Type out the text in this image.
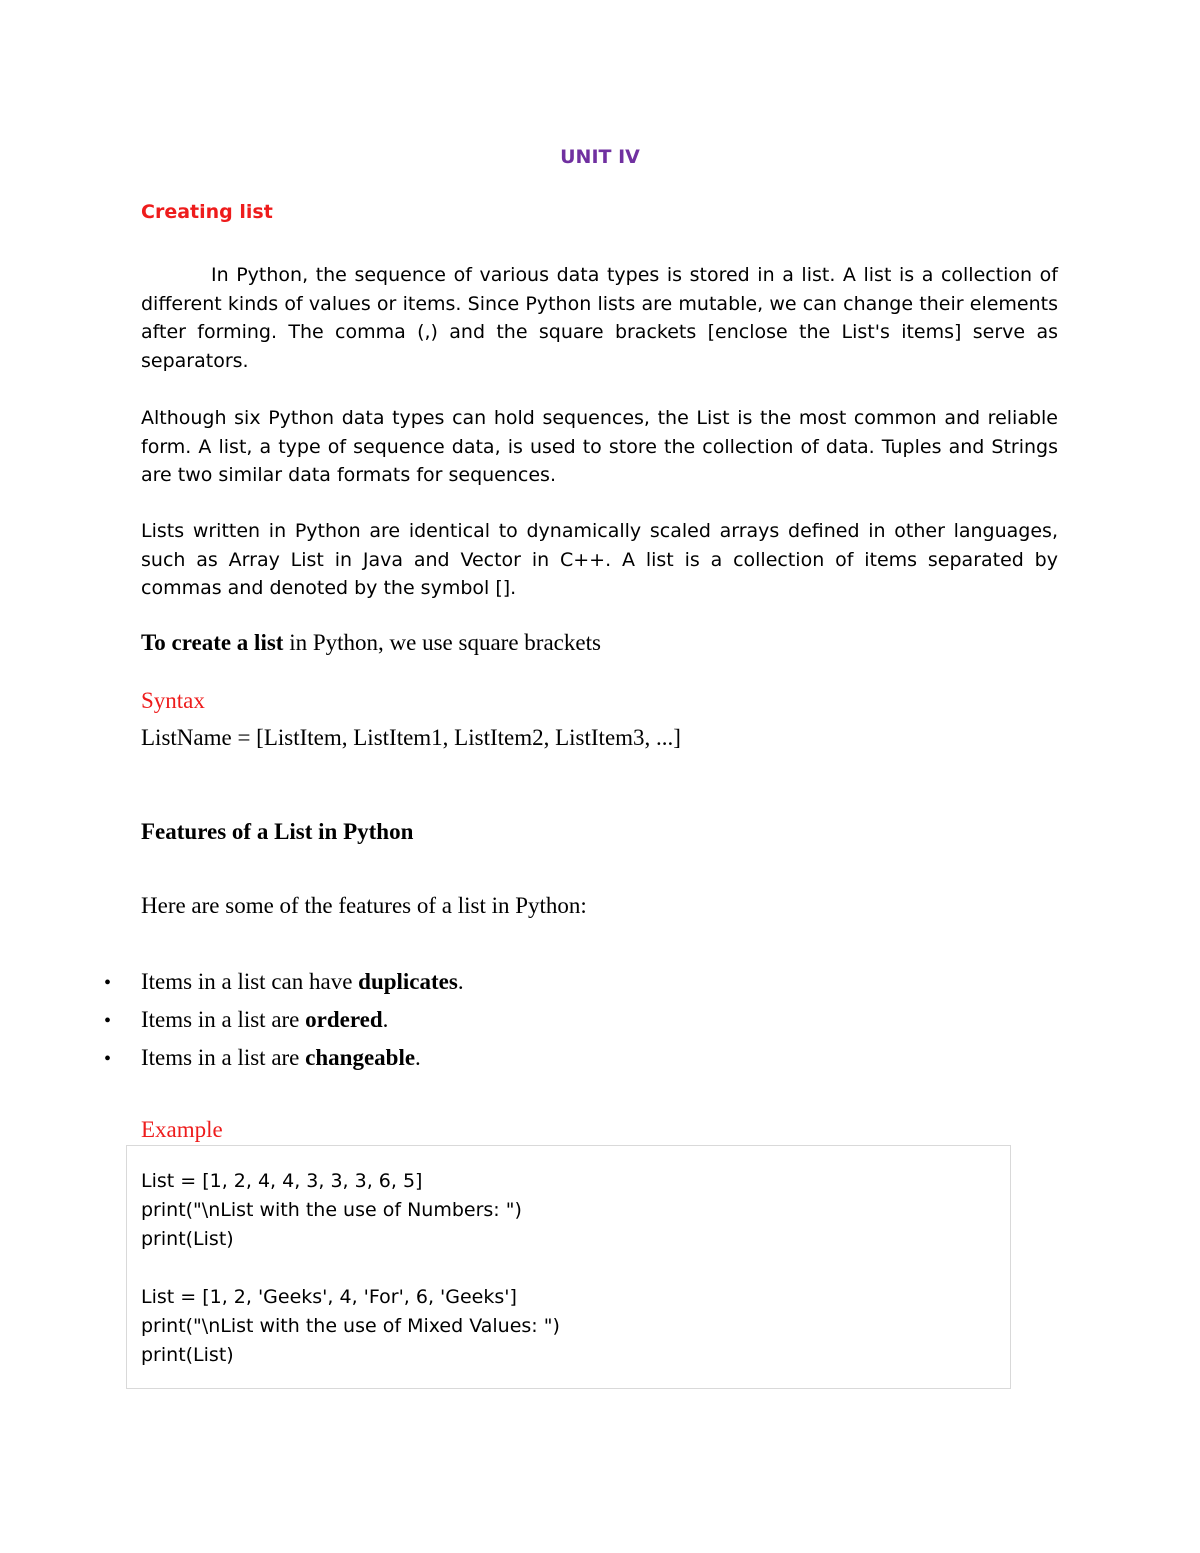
UNIT IV
Creating list
In Python, the sequence of various data types is stored in a list. A list is a collection of different kinds of values or items. Since Python lists are mutable, we can change their elements after forming. The comma (,) and the square brackets [enclose the List's items] serve as separators.
Although six Python data types can hold sequences, the List is the most common and reliable form. A list, a type of sequence data, is used to store the collection of data. Tuples and Strings are two similar data formats for sequences.
Lists written in Python are identical to dynamically scaled arrays defined in other languages, such as Array List in Java and Vector in C++. A list is a collection of items separated by commas and denoted by the symbol [].
To create a list in Python, we use square brackets
Syntax
ListName = [ListItem, ListItem1, ListItem2, ListItem3, ...]
Features of a List in Python
Here are some of the features of a list in Python:
• Items in a list can have duplicates.
• Items in a list are ordered.
• Items in a list are changeable.
Example
List = [1, 2, 4, 4, 3, 3, 3, 6, 5]
print("\nList with the use of Numbers: ")
print(List)
List = [1, 2, 'Geeks', 4, 'For', 6, 'Geeks']
print("\nList with the use of Mixed Values: ")
print(List)
